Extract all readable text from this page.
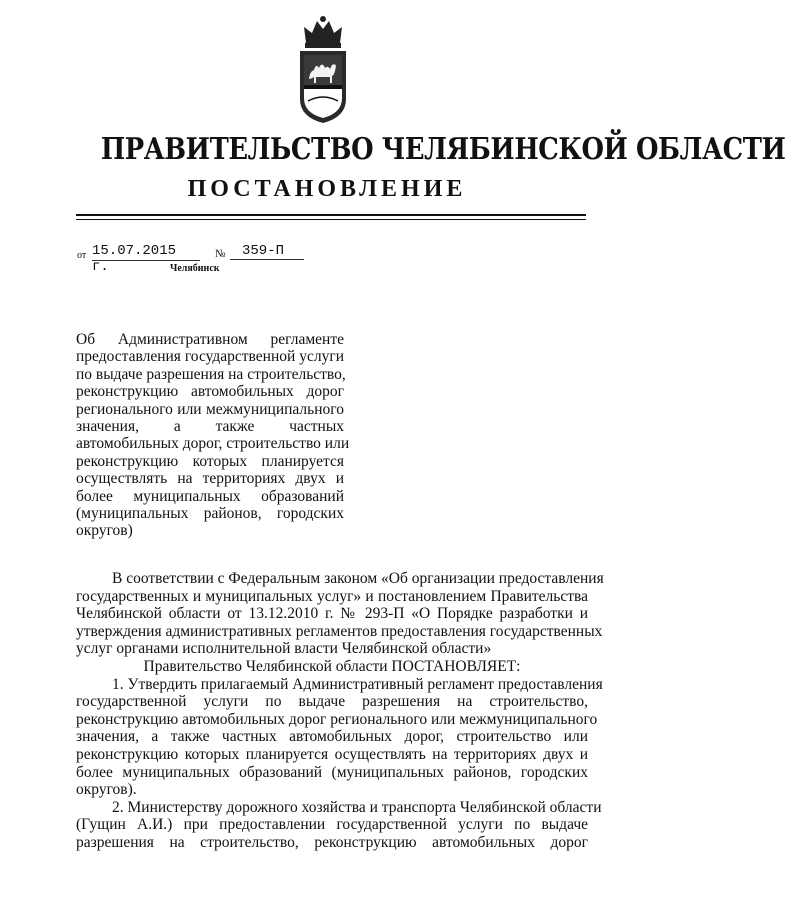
ПРАВИТЕЛЬСТВО ЧЕЛЯБИНСКОЙ ОБЛАСТИ
ПОСТАНОВЛЕНИЕ
от 15.07.2015 г.
№	359-П
Челябинск
Об Административном регламенте
предоставления государственной услуги
по выдаче разрешения на строительство,
реконструкцию автомобильных дорог
регионального или межмуниципального
значения, а также частных
автомобильных дорог, строительство или
реконструкцию которых планируется
осуществлять на территориях двух и
более муниципальных образований
(муниципальных районов, городских
округов)
В соответствии с Федеральным законом «Об организации предоставления
государственных и муниципальных услуг» и постановлением Правительства
Челябинской области от 13.12.2010 г. № 293-П «О Порядке разработки и
утверждения административных регламентов предоставления государственных
услуг органами исполнительной власти Челябинской области»
Правительство Челябинской области ПОСТАНОВЛЯЕТ:
1. Утвердить прилагаемый Административный регламент предоставления
государственной услуги по выдаче разрешения на строительство,
реконструкцию автомобильных дорог регионального или межмуниципального
значения, а также частных автомобильных дорог, строительство или
реконструкцию которых планируется осуществлять на территориях двух и
более муниципальных образований (муниципальных районов, городских
округов).
2. Министерству дорожного хозяйства и транспорта Челябинской области
(Гущин А.И.) при предоставлении государственной услуги по выдаче
разрешения на строительство, реконструкцию автомобильных дорог
